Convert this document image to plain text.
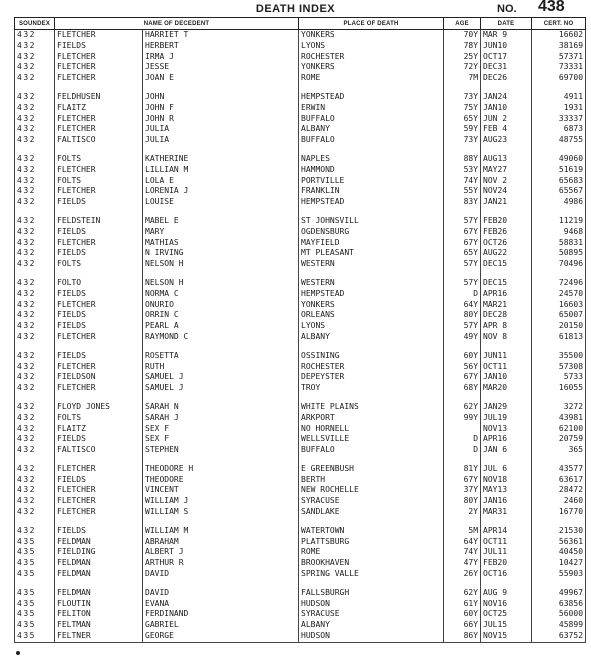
DEATH INDEX	NO. 438
SOUNDEX	NAME OF DECEDENT		PLACE OF DEATH	AGE	DATE	CERT. NO
432	FLETCHER	HARRIET T	YONKERS	70Y	MAR 9	16602
432	FIELDS	HERBERT	LYONS	78Y	JUN10	38169
432	FLETCHER	IRMA J	ROCHESTER	25Y	OCT17	57371
432	FLETCHER	JESSE	YONKERS	72Y	DEC31	73331
432	FLETCHER	JOAN E	ROME	7M	DEC26	69700

432	FELDHUSEN	JOHN	HEMPSTEAD	73Y	JAN24	4911
432	FLAITZ	JOHN F	ERWIN	75Y	JAN10	1931
432	FLETCHER	JOHN R	BUFFALO	65Y	JUN 2	33337
432	FLETCHER	JULIA	ALBANY	59Y	FEB 4	6873
432	FALTISCO	JULIA	BUFFALO	73Y	AUG23	48755

432	FOLTS	KATHERINE	NAPLES	88Y	AUG13	49060
432	FLETCHER	LILLIAN M	HAMMOND	53Y	MAY27	51619
432	FOLTS	LOLA E	PORTVILLE	74Y	NOV 2	65683
432	FLETCHER	LORENIA J	FRANKLIN	55Y	NOV24	65567
432	FIELDS	LOUISE	HEMPSTEAD	83Y	JAN21	4986

432	FELDSTEIN	MABEL E	ST JOHNSVILL	57Y	FEB20	11219
432	FIELDS	MARY	OGDENSBURG	67Y	FEB26	9468
432	FLETCHER	MATHIAS	MAYFIELD	67Y	OCT26	58831
432	FIELDS	N IRVING	MT PLEASANT	65Y	AUG22	50895
432	FOLTS	NELSON H	WESTERN	57Y	DEC15	70496

432	FOLTO	NELSON H	WESTERN	57Y	DEC15	72496
432	FIELDS	NORMA C	HEMPSTEAD	D	APR16	24570
432	FLETCHER	ONURIO	YONKERS	64Y	MAR21	16603
432	FIELDS	ORRIN C	ORLEANS	80Y	DEC28	65007
432	FIELDS	PEARL A	LYONS	57Y	APR 8	20150
432	FLETCHER	RAYMOND C	ALBANY	49Y	NOV 8	61813

432	FIELDS	ROSETTA	OSSINING	60Y	JUN11	35500
432	FLETCHER	RUTH	ROCHESTER	56Y	OCT11	57308
432	FIELDSON	SAMUEL J	DEPEYSTER	67Y	JAN10	5733
432	FLETCHER	SAMUEL J	TROY	68Y	MAR20	16055

432	FLOYD JONES	SARAH N	WHITE PLAINS	62Y	JAN29	3272
432	FOLTS	SARAH J	ARKPORT	99Y	JUL19	43981
432	FLAITZ	SEX F	NO HORNELL		NOV13	62100
432	FIELDS	SEX F	WELLSVILLE	D	APR16	20759
432	FALTISCO	STEPHEN	BUFFALO	D	JAN 6	365

432	FLETCHER	THEODORE H	E GREENBUSH	81Y	JUL 6	43577
432	FIELDS	THEODORE	BERTH	67Y	NOV18	63617
432	FLETCHER	VINCENT	NEW ROCHELLE	37Y	MAY13	28472
432	FLETCHER	WILLIAM J	SYRACUSE	80Y	JAN16	2460
432	FLETCHER	WILLIAM S	SANDLAKE	2Y	MAR31	16770

432	FIELDS	WILLIAM M	WATERTOWN	5M	APR14	21530
435	FELDMAN	ABRAHAM	PLATTSBURG	64Y	OCT11	56361
435	FIELDING	ALBERT J	ROME	74Y	JUL11	40450
435	FELDMAN	ARTHUR R	BROOKHAVEN	47Y	FEB20	10427
435	FELDMAN	DAVID	SPRING VALLE	26Y	OCT16	55903

435	FELDMAN	DAVID	FALLSBURGH	62Y	AUG 9	49967
435	FLOUTIN	EVANA	HUDSON	61Y	NOV16	63856
435	FELITON	FERDINAND	SYRACUSE	60Y	OCT25	56000
435	FELTMAN	GABRIEL	ALBANY	66Y	JUL15	45899
435	FELTNER	GEORGE	HUDSON	86Y	NOV15	63752
